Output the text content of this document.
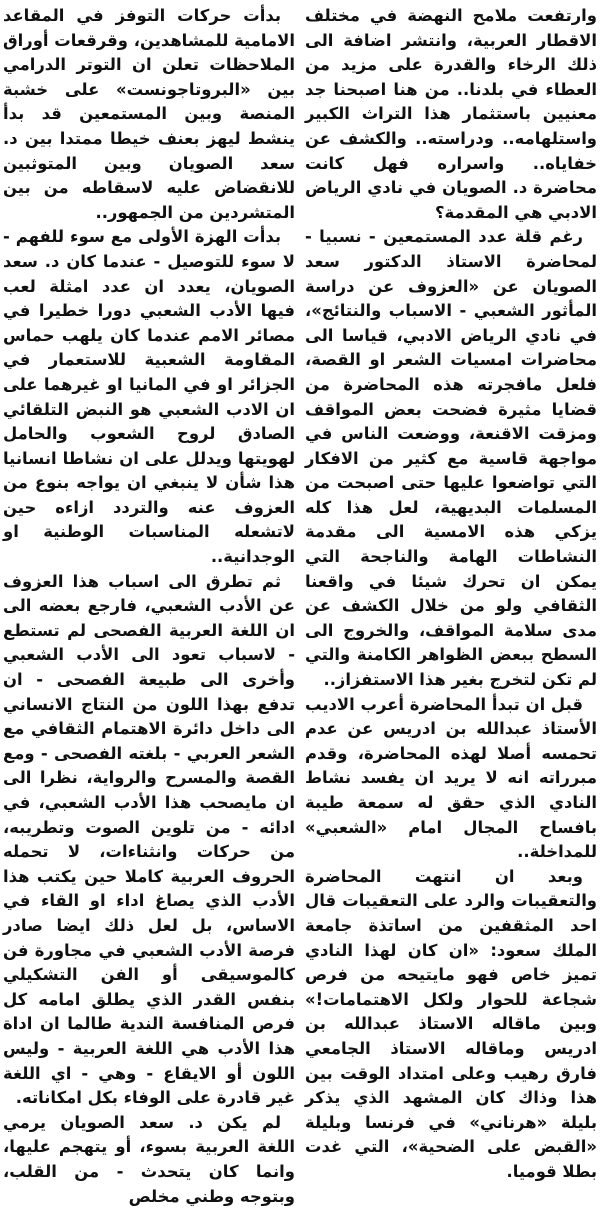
وارتفعت ملامح النهضة في مختلف الاقطار العربية، وانتشر اضافة الى ذلك الرخاء والقدرة على مزيد من العطاء في بلدنا.. من هنا اصبحنا جد معنيين باستثمار هذا التراث الكبير واستلهامه.. ودراسته.. والكشف عن خفاياه.. واسراره فهل كانت محاضرة د. الصويان في نادي الرياض الادبي هي المقدمة؟

رغم قلة عدد المستمعين - نسبيا - لمحاضرة الاستاذ الدكتور سعد الصويان عن «العزوف عن دراسة المأثور الشعبي - الاسباب والنتائج»، في نادي الرياض الادبي، قياسا الى محاضرات امسيات الشعر او القصة، فلعل مافجرته هذه المحاضرة من قضايا مثيرة فضحت بعض المواقف ومزقت الاقنعة، ووضعت الناس في مواجهة قاسية مع كثير من الافكار التي تواضعوا عليها حتى اصبحت من المسلمات البديهية، لعل هذا كله يزكي هذه الامسية الى مقدمة النشاطات الهامة والناجحة التي يمكن ان تحرك شيئا في واقعنا الثقافي ولو من خلال الكشف عن مدى سلامة المواقف، والخروج الى السطح ببعض الظواهر الكامنة والتي لم تكن لتخرج بغير هذا الاستفزاز..

قبل ان تبدأ المحاضرة أعرب الاديب الأستاذ عبدالله بن ادريس عن عدم تحمسه أصلا لهذه المحاضرة، وقدم مبرراته انه لا يريد ان يفسد نشاط النادي الذي حقق له سمعة طيبة بافساح المجال امام «الشعبي» للمداخلة..

وبعد ان انتهت المحاضرة والتعقيبات والرد على التعقيبات قال احد المثقفين من اساتذة جامعة الملك سعود: «ان كان لهذا النادي تميز خاص فهو مايتيحه من فرص شجاعة للحوار ولكل الاهتمامات!» وبين ماقاله الاستاذ عبدالله بن ادريس وماقاله الاستاذ الجامعي فارق رهيب وعلى امتداد الوقت بين هذا وذاك كان المشهد الذي يذكر بليلة «هرناني» في فرنسا وبليلة «القبض على الضحية»، التي غدت بطلا قوميا.

بدأت حركات التوفز في المقاعد الامامية للمشاهدين، وقرقعات أوراق الملاحظات تعلن ان التوتر الدرامي بين «البروتاجونست» على خشبة المنصة وبين المستمعين قد بدأ ينشط ليهز بعنف خيطا ممتدا بين د. سعد الصويان وبين المتوثبين للانقضاض عليه لاسقاطه من بين المتشردين من الجمهور..

بدأت الهزة الأولى مع سوء للفهم - لا سوء للتوصيل - عندما كان د. سعد الصويان، يعدد ان عدد امثلة لعب فيها الأدب الشعبي دورا خطيرا في مصائر الامم عندما كان يلهب حماس المقاومة الشعبية للاستعمار في الجزائر او في المانيا او غيرهما على ان الادب الشعبي هو النبض التلقائي الصادق لروح الشعوب والحامل لهويتها ويدلل على ان نشاطا انسانيا هذا شأن لا ينبغي ان يواجه بنوع من العزوف عنه والتردد ازاءه حين لاتشعله المناسبات الوطنية او الوجدانية..

ثم تطرق الى اسباب هذا العزوف عن الأدب الشعبي، فارجع بعضه الى ان اللغة العربية الفصحى لم تستطع - لاسباب تعود الى الأدب الشعبي وأخرى الى طبيعة الفصحى - ان تدفع بهذا اللون من النتاج الانساني الى داخل دائرة الاهتمام الثقافي مع الشعر العربي - بلغته الفصحى - ومع القصة والمسرح والرواية، نظرا الى ان مايصحب هذا الأدب الشعبي، في ادائه - من تلوين الصوت وتطريبه، من حركات وانثناءات، لا تحمله الحروف العربية كاملا حين يكتب هذا الأدب الذي يصاغ اداء او القاء في الاساس، بل لعل ذلك ايضا صادر فرصة الأدب الشعبي في مجاورة فن كالموسيقى أو الفن التشكيلي بنفس القدر الذي يطلق امامه كل فرص المنافسة الندية طالما ان اداة هذا الأدب هي اللغة العربية - وليس اللون أو الايقاع - وهي - اي اللغة غير قادرة على الوفاء بكل امكاناته.

لم يكن د. سعد الصويان يرمي اللغة العربية بسوء، أو يتهجم عليها، وانما كان يتحدث - من القلب، وبتوجه وطني مخلص
